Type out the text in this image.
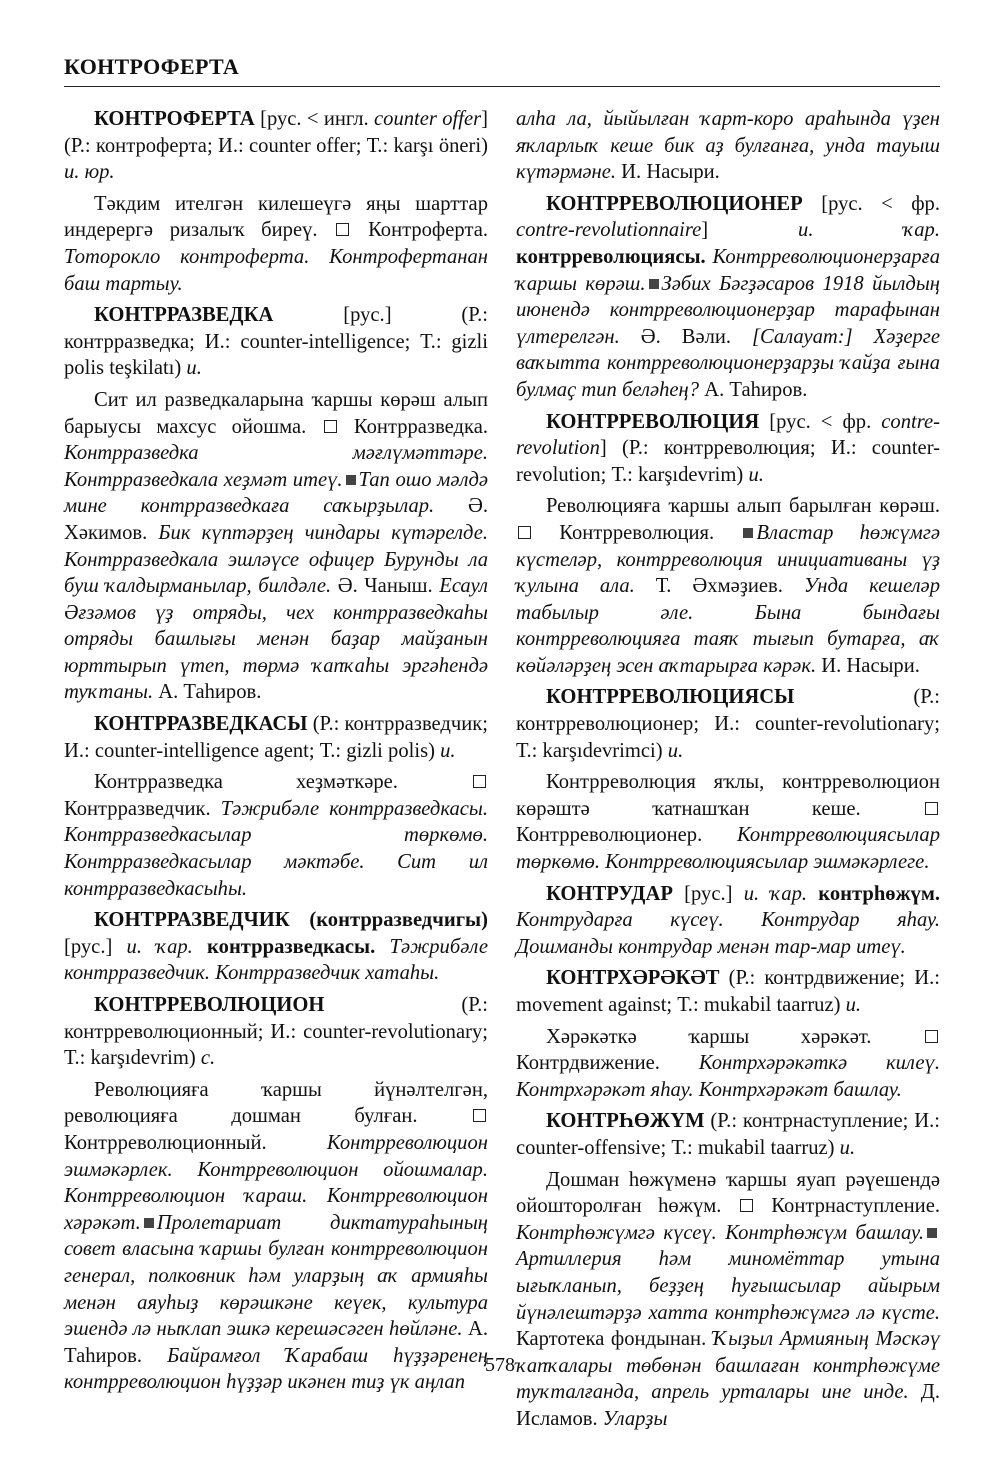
КОНТРОФЕРТА

КОНТРОФЕРТА [рус. < ингл. counter offer] (Р.: контроферта; И.: counter offer; Т.: karşı öneri) и. юр.

Тәкдим ителгән килешеүгә яңы шарттар индерергә ризалыҡ биреү.  Контроферта. Тоторокло контроферта. Контрофертанан баш тартыу.

КОНТРРАЗВЕДКА [рус.] (Р.: контрразведка; И.: counter-intelligence; Т.: gizli polis teşkilatı) и.

Сит ил разведкаларына ҡаршы көрәш алып барыусы махсус ойошма.  Контрразведка. Контрразведка мәғлүмәттәре. Контрразведкала хеҙмәт итеү. Тап ошо мәлдә мине контрразведкаға саҡырҙылар. Ә. Хәкимов. Бик күптәрҙең чиндары күтәрелде. Контрразведкала эшләүсе офицер Бурунды ла буш ҡалдырманылар, билдәле. Ә. Чаныш. Есаул Әғзәмов үҙ отряды, чех контрразведкаһы отряды башлығы менән баҙар майҙанын юрттырып үтеп, төрмә ҡапҡаһы эргәһендә туҡтаны. А. Таһиров.

КОНТРРАЗВЕДКАСЫ (Р.: контрразведчик; И.: counter-intelligence agent; Т.: gizli polis) и.

Контрразведка хеҙмәткәре.  Контрразведчик. Тәжрибәле контрразведкасы. Контрразведкасылар төркөмө. Контрразведкасылар мәктәбе. Сит ил контрразведкасыһы.

КОНТРРАЗВЕДЧИК (контрразведчигы) [рус.] и. ҡар. контрразведкасы. Тәжрибәле контрразведчик. Контрразведчик хатаһы.

КОНТРРЕВОЛЮЦИОН (Р.: контрреволюционный; И.: counter-revolutionary; Т.: karşıdevrim) с.

Революцияға ҡаршы йүнәлтелгән, революцияға дошман булған.  Контрреволюционный. Контрреволюцион эшмәкәрлек. Контрреволюцион ойошмалар. Контрреволюцион ҡараш. Контрреволюцион хәрәкәт. Пролетариат диктатураһының совет власына ҡаршы булған контрреволюцион генерал, полковник һәм уларҙың аҡ армияһы менән аяуһыҙ көрәшкәне кеүек, культура эшендә лә ныҡлап эшкә керешәсәген һөйләне. А. Таһиров. Байрамғол Ҡарабаш һүҙҙәренең контрреволюцион һүҙҙәр икәнен тиҙ үк аңлап

алһа ла, йыйылған ҡарт-коро араһында үҙен яҡларлыҡ кеше бик аҙ булғанға, унда тауыш күтәрмәне. И. Насыри.

КОНТРРЕВОЛЮЦИОНЕР [рус. < фр. contre-revolutionnaire] и. ҡар. контрреволюциясы. Контрреволюционерҙарға ҡаршы көрәш. Зәбих Бәгҙәсаров 1918 йылдың июнендә контрреволюционерҙар тарафынан үлтерелгән. Ә. Вәли. [Салауат:] Хәҙерге ваҡытта контрреволюционерҙарҙы ҡайҙа ғына булмаҫ тип беләһең? А. Таһиров.

КОНТРРЕВОЛЮЦИЯ [рус. < фр. contre-revolution] (Р.: контрреволюция; И.: counter-revolution; Т.: karşıdevrim) и.

Революцияға ҡаршы алып барылған көрәш.  Контрреволюция. Властар һөжүмгә күстеләр, контрреволюция инициативаны үҙ ҡулына ала. Т. Әхмәҙиев. Унда кешеләр табылыр әле. Бына бындағы контрреволюцияға таяҡ тығып бутарға, аҡ көйәләрҙең эсен аҡтарырға кәрәк. И. Насыри.

КОНТРРЕВОЛЮЦИЯСЫ (Р.: контрреволюционер; И.: counter-revolutionary; Т.: karşıdevrimci) и.

Контрреволюция яҡлы, контрреволюцион көрәштә ҡатнашҡан кеше.  Контрреволюционер. Контрреволюциясылар төркөмө. Контрреволюциясылар эшмәкәрлеге.

КОНТРУДАР [рус.] и. ҡар. контрһөжүм. Контрударға күсеү. Контрудар яһау. Дошманды контрудар менән тар-мар итеү.

КОНТРХӘРӘКӘТ (Р.: контрдвижение; И.: movement against; Т.: mukabil taarruz) и.

Хәрәкәткә ҡаршы хәрәкәт.  Контрдвижение. Контрхәрәкәткә килеү. Контрхәрәкәт яһау. Контрхәрәкәт башлау.

КОНТРҺӨЖҮМ (Р.: контрнаступление; И.: counter-offensive; Т.: mukabil taarruz) и.

Дошман һөжүменә ҡаршы яуап рәүешендә ойошторолған һөжүм.  Контрнаступление. Контрһөжүмгә күсеү. Контрһөжүм башлау.Артиллерия һәм миномёттар утына ығыҡланып, беҙҙең һуғышсылар айырым йүнәлештәрҙә хатта контрһөжүмгә лә күсте. Картотека фондынан. Ҡыҙыл Армияның Мәскәү ҡапҡалары төбөнән башлаған контрһөжүме туҡталғанда, апрель урталары ине инде. Д. Исламов. Уларҙы

578
